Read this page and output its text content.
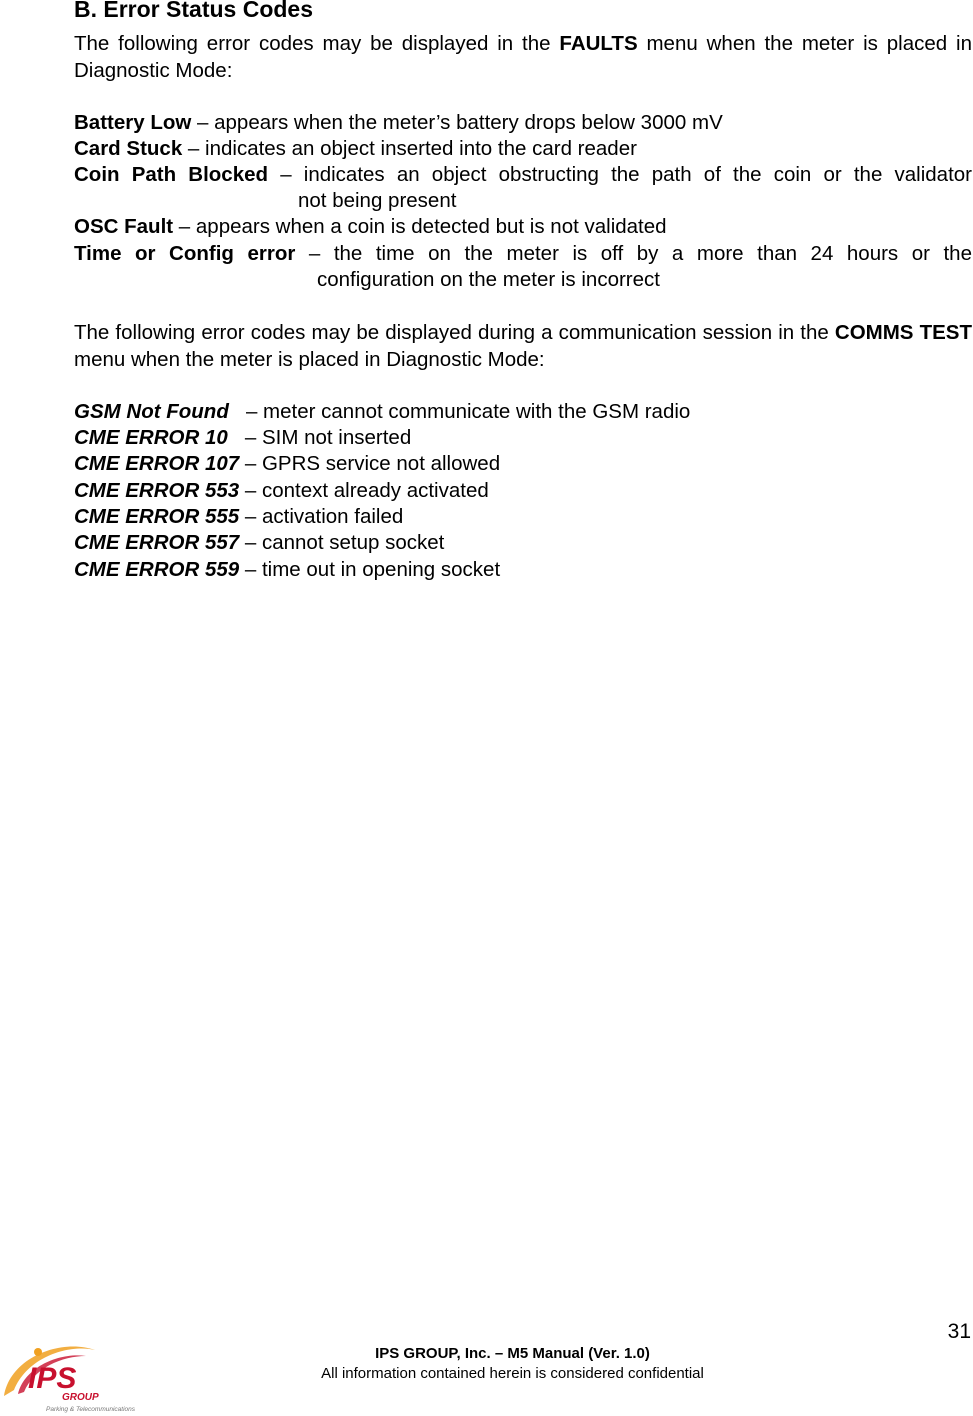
B. Error Status Codes
The following error codes may be displayed in the FAULTS menu when the meter is placed in Diagnostic Mode:
Battery Low – appears when the meter’s battery drops below 3000 mV
Card Stuck – indicates an object inserted into the card reader
Coin Path Blocked – indicates an object obstructing the path of the coin or the validator
not being present
OSC Fault – appears when a coin is detected but is not validated
Time or Config error – the time on the meter is off by a more than 24 hours or the
configuration on the meter is incorrect
The following error codes may be displayed during a communication session in the COMMS TEST menu when the meter is placed in Diagnostic Mode:
GSM Not Found   – meter cannot communicate with the GSM radio
CME ERROR 10   – SIM not inserted
CME ERROR 107 – GPRS service not allowed
CME ERROR 553 – context already activated
CME ERROR 555 – activation failed
CME ERROR 557 – cannot setup socket
CME ERROR 559 – time out in opening socket
31
IPS GROUP, Inc. – M5 Manual (Ver. 1.0)
All information contained herein is considered confidential
IPS
GROUP
Parking & Telecommunications
